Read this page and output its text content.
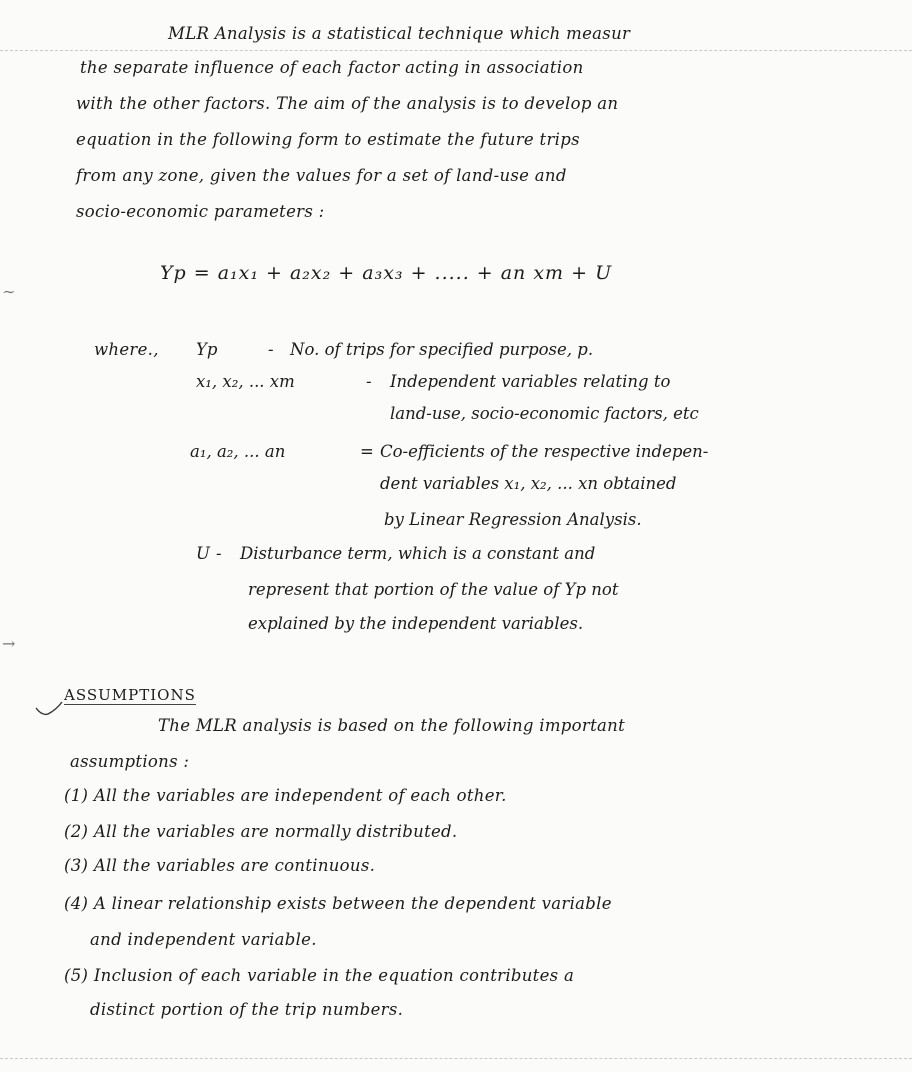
MLR Analysis is a statistical technique which measur
the separate influence of each factor acting in association
with the other factors. The aim of the analysis is to develop an
equation in the following form to estimate the future trips
from any zone, given the values for a set of land-use and
socio-economic parameters :
Yp = a₁x₁ + a₂x₂ + a₃x₃ + ..... + an xm + U
where., Yp	- No. of trips for specified purpose, p.
x₁, x₂, ... xm	- Independent variables relating to
land-use, socio-economic factors, etc
a₁, a₂, ... an	= Co-efficients of the respective indepen-
dent variables x₁, x₂, ... xn obtained
by Linear Regression Analysis.
U - Disturbance term, which is a constant and
represent that portion of the value of Yp not
explained by the independent variables.
∼
→
ASSUMPTIONS
The MLR analysis is based on the following important
assumptions :
(1) All the variables are independent of each other.
(2) All the variables are normally distributed.
(3) All the variables are continuous.
(4) A linear relationship exists between the dependent variable
and independent variable.
(5) Inclusion of each variable in the equation contributes a
distinct portion of the trip numbers.
